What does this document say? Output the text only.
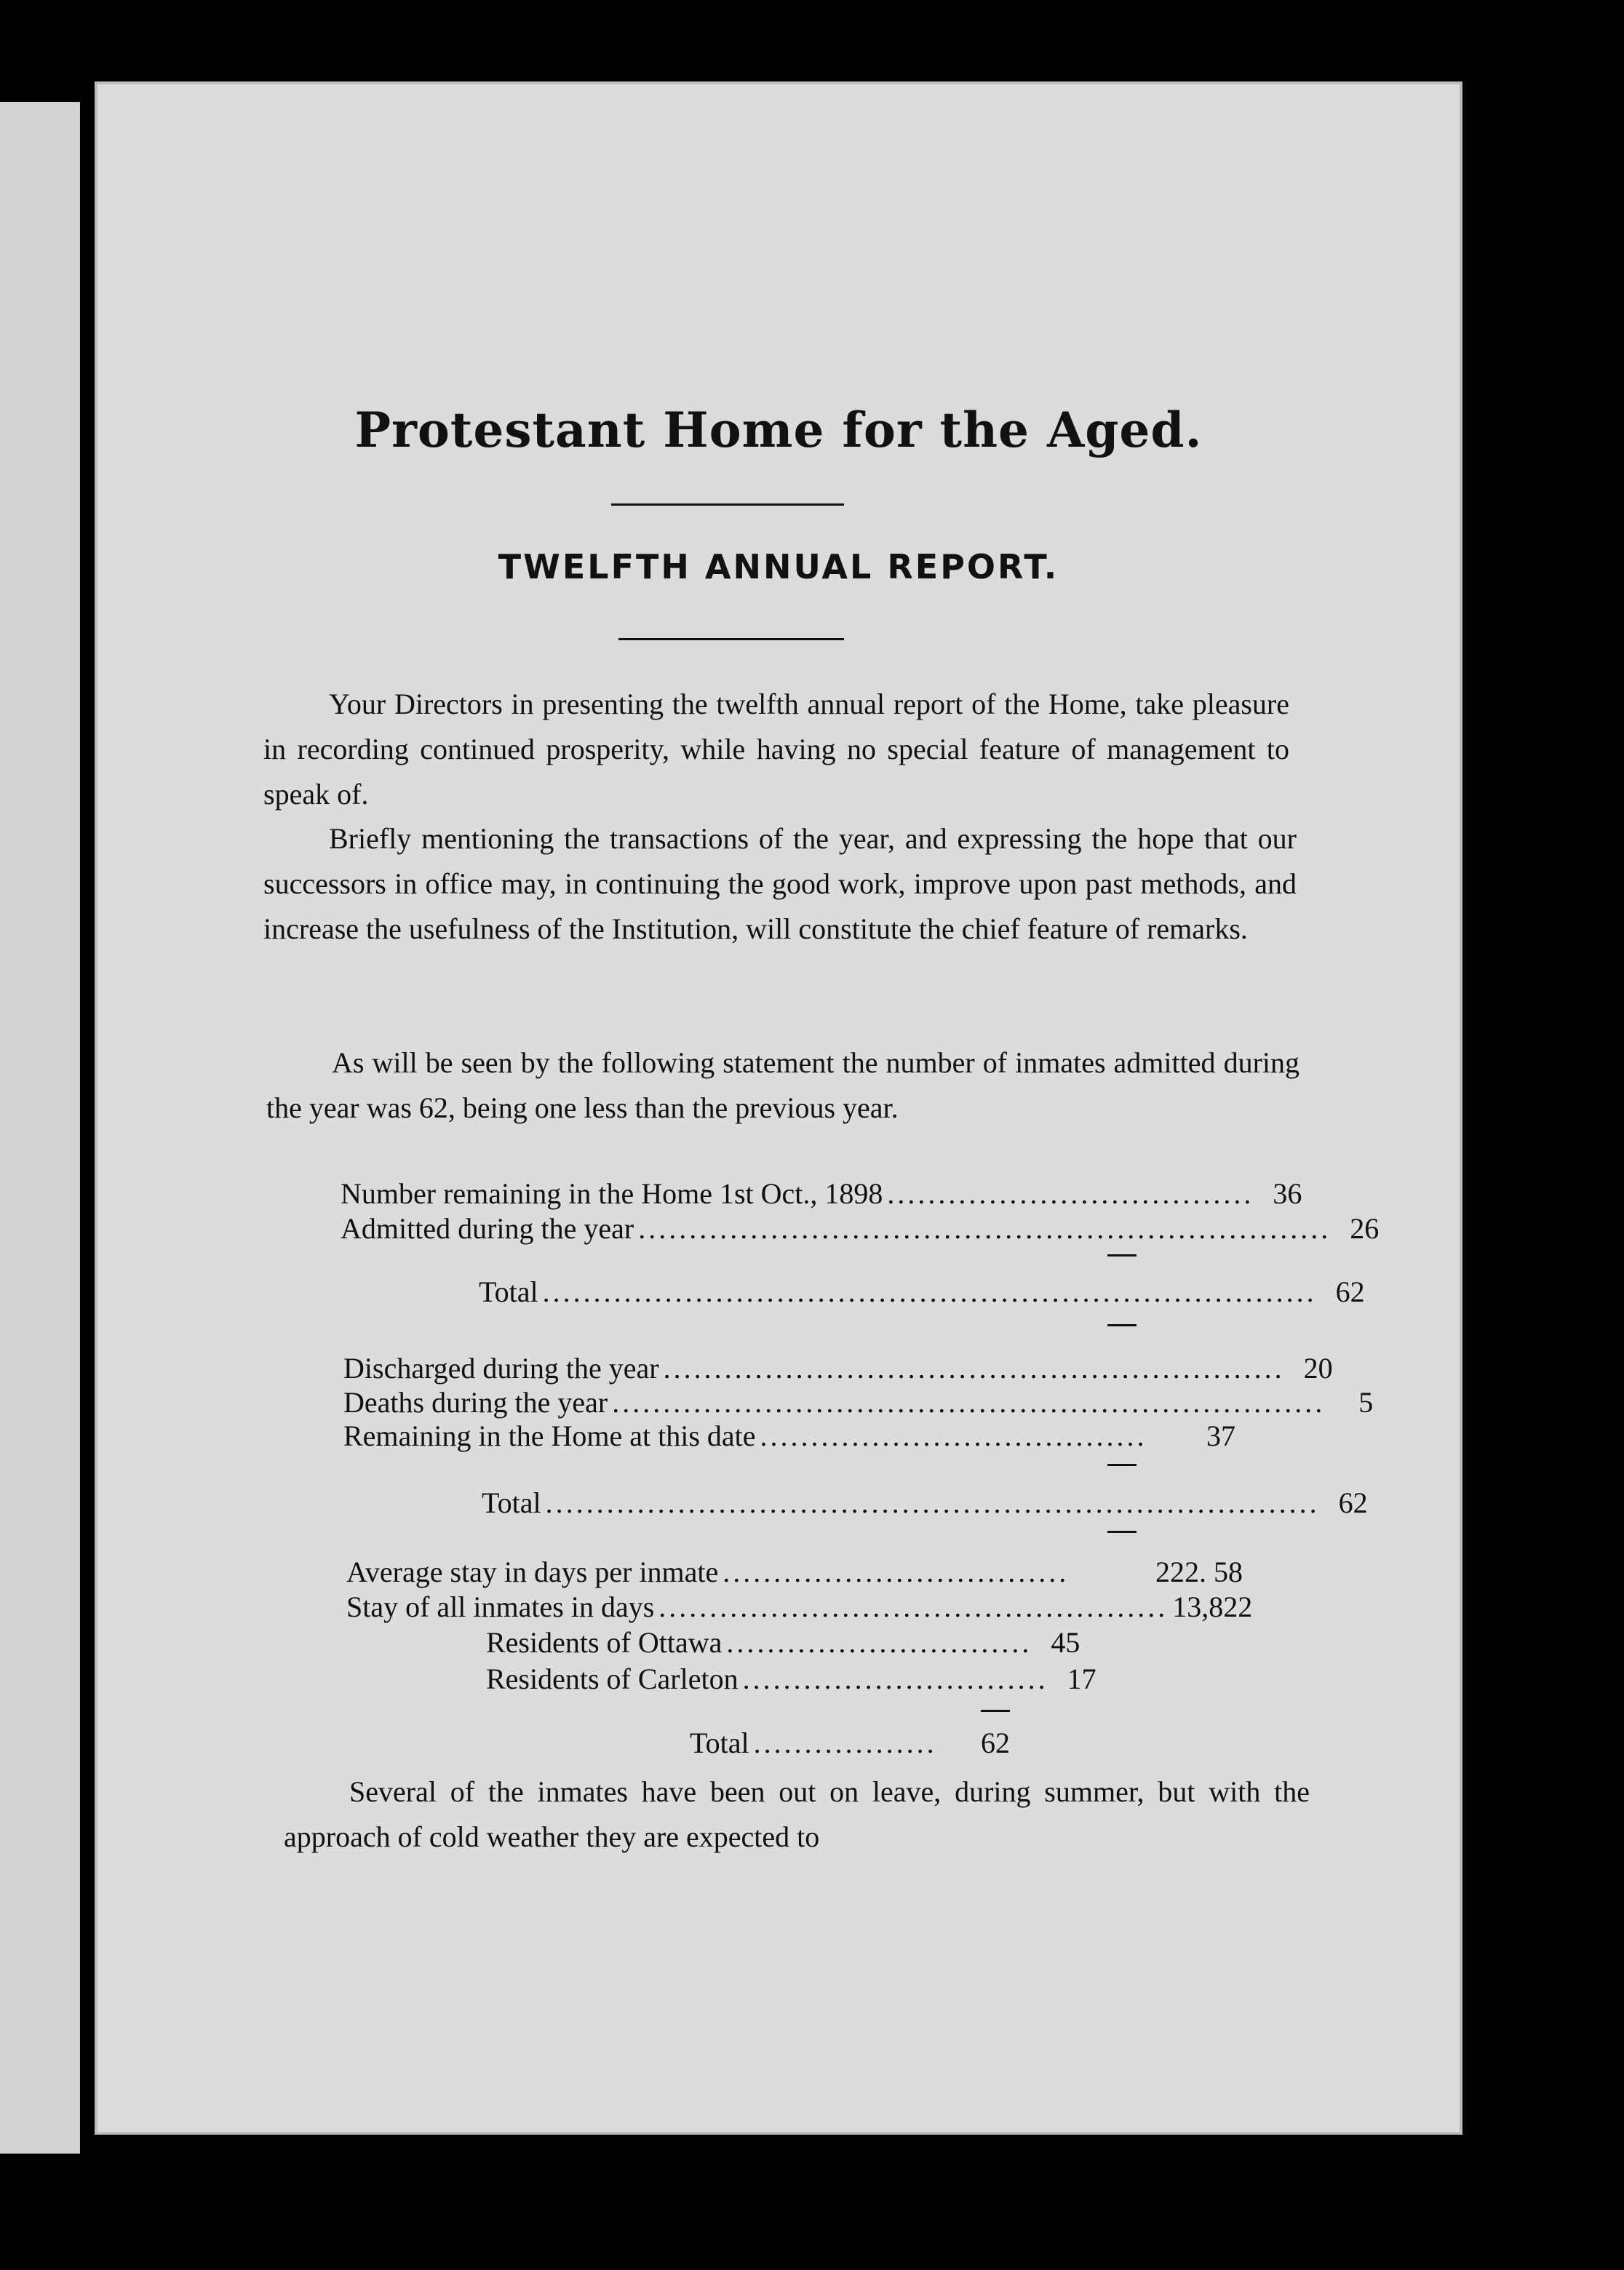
Protestant Home for the Aged.
TWELFTH ANNUAL REPORT.
Your Directors in presenting the twelfth annual report of the Home, take pleasure in recording continued prosperity, while having no special feature of management to speak of.
Briefly mentioning the transactions of the year, and expressing the hope that our successors in office may, in continuing the good work, improve upon past methods, and increase the usefulness of the Institution, will constitute the chief feature of remarks.
As will be seen by the following statement the number of inmates admitted during the year was 62, being one less than the previous year.
Number remaining in the Home 1st Oct., 1898 .................................... 36
Admitted during the year .................................................................... 26
Total ............................................................................ 62
Discharged during the year ............................................................. 20
Deaths during the year ......................................................................	5
Remaining in the Home at this date ......................................	37
Total ............................................................................ 62
Average stay in days per inmate ..................................	222. 58
Stay of all inmates in days .................................................. 13,822
Residents of Ottawa .............................. 45
Residents of Carleton .............................. 17
Total ..................	62
Several of the inmates have been out on leave, during summer, but with the approach of cold weather they are expected to
